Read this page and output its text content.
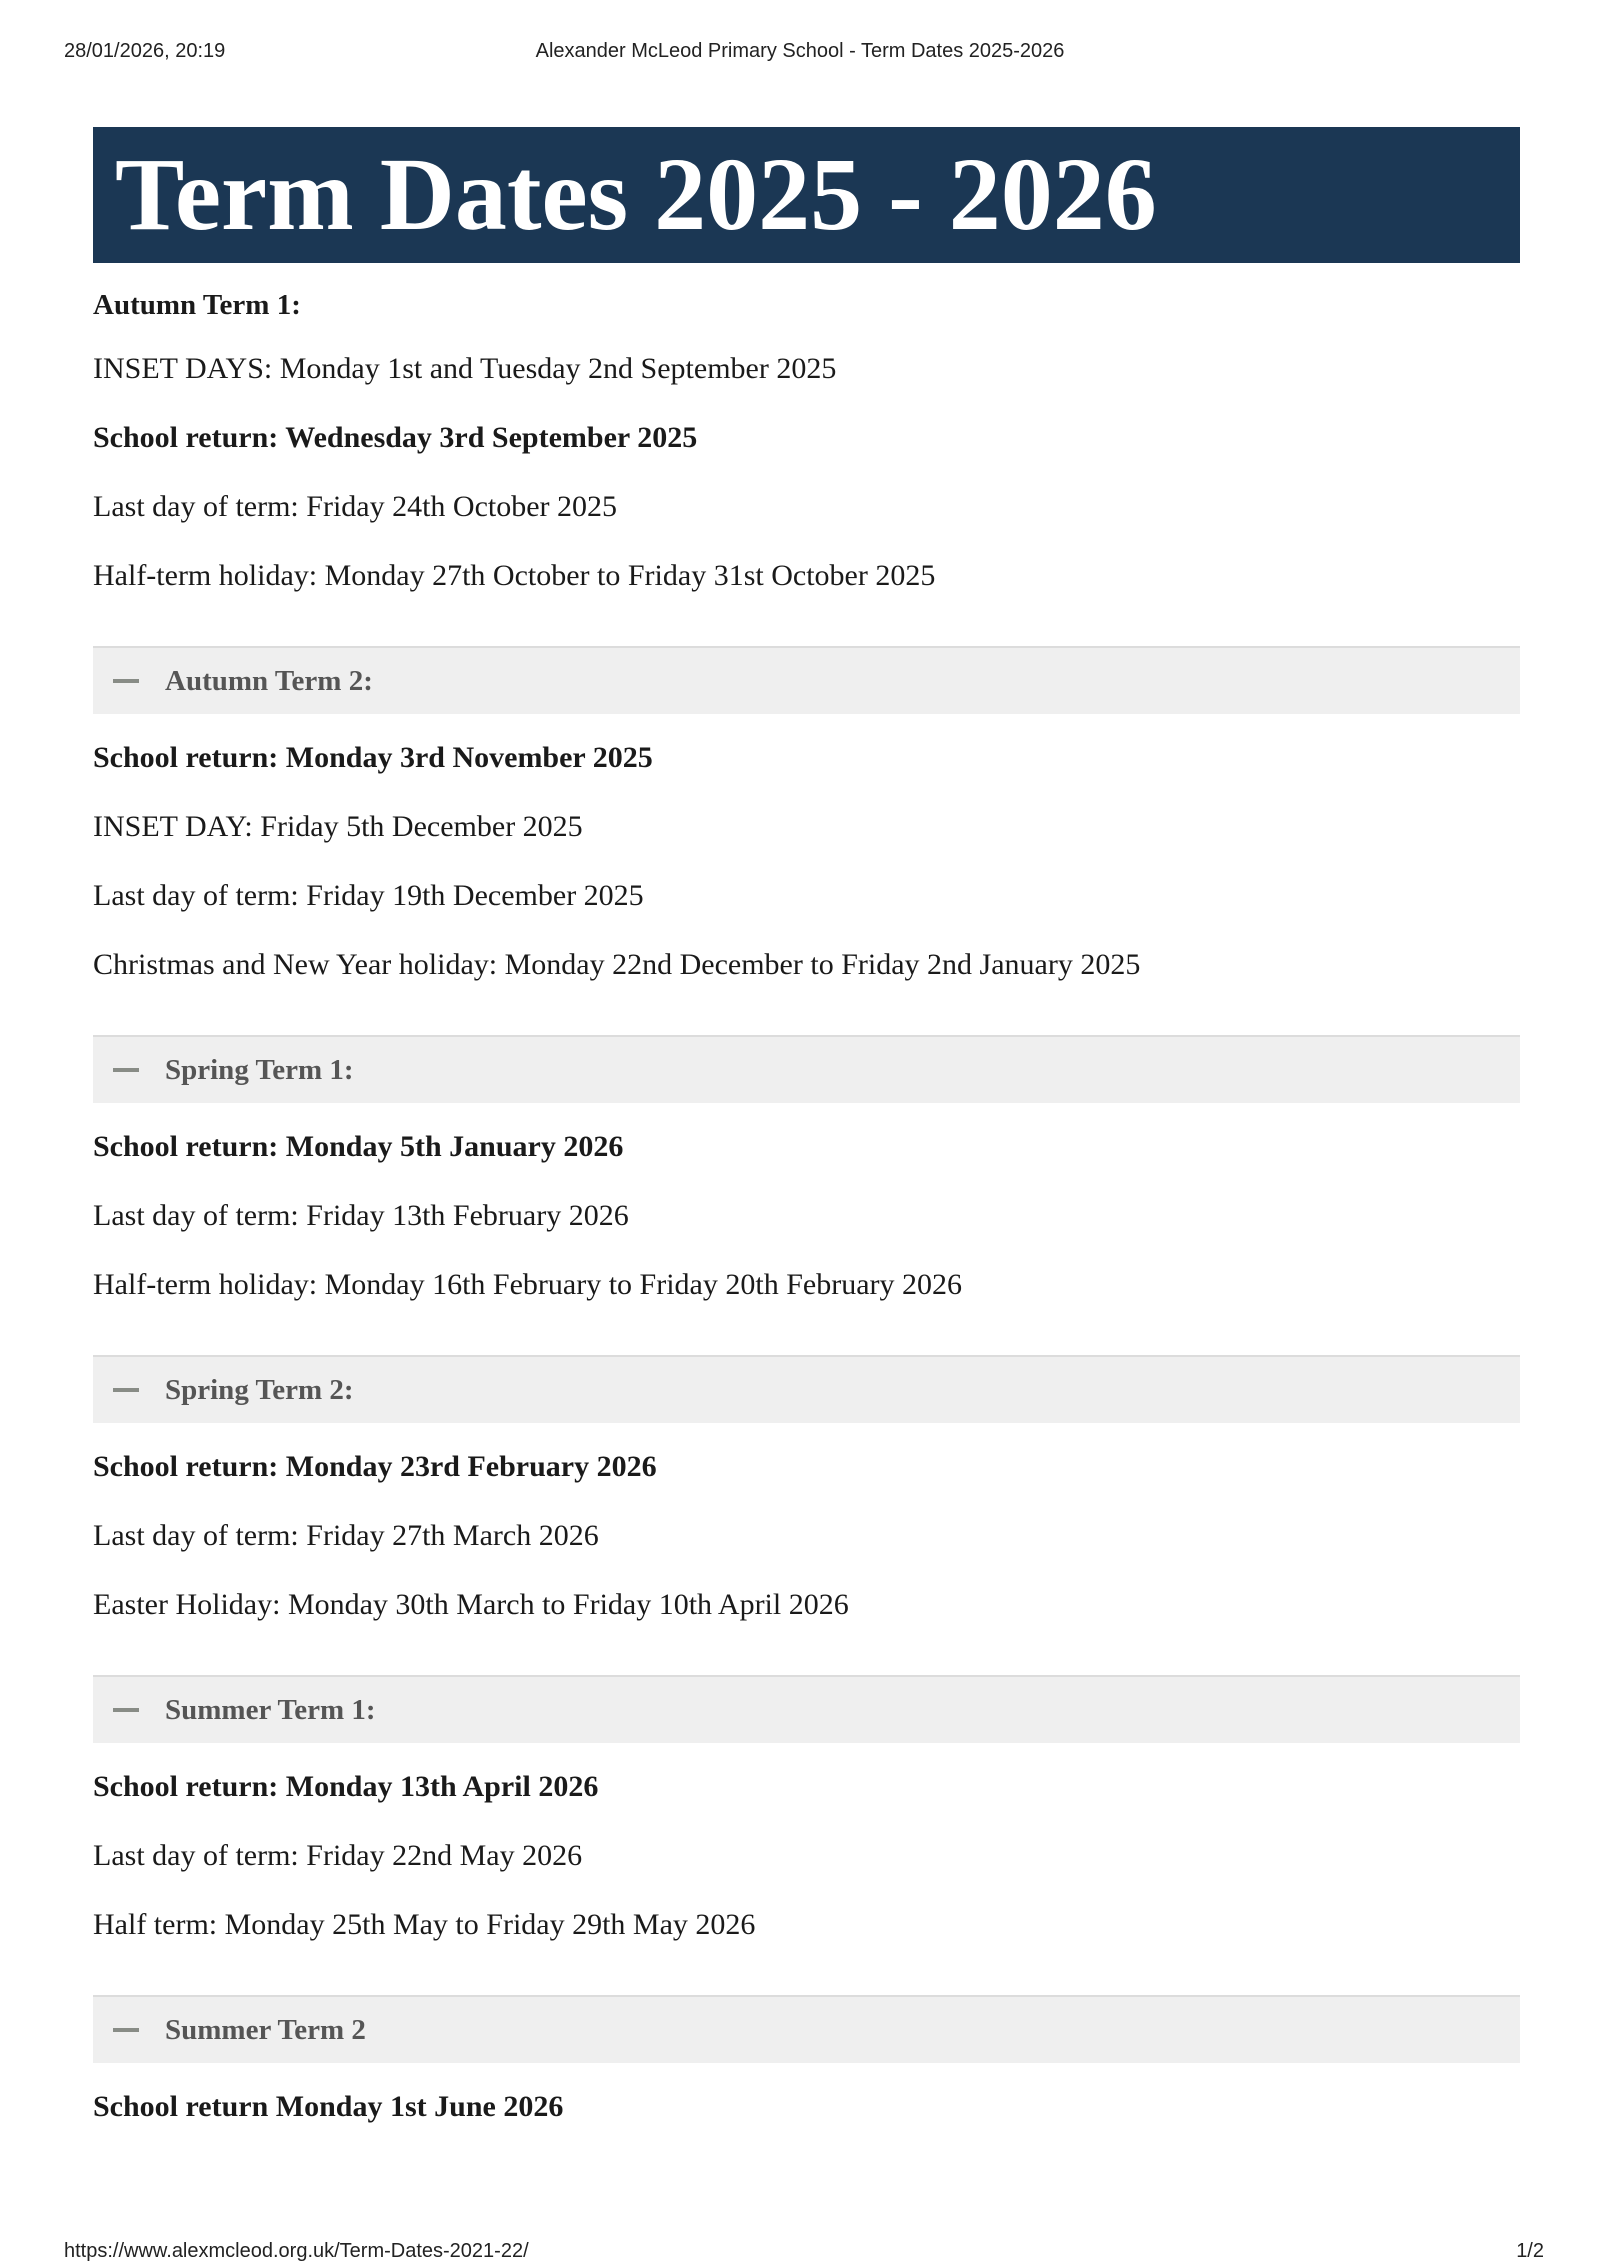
28/01/2026, 20:19	Alexander McLeod Primary School - Term Dates 2025-2026
Term Dates 2025 - 2026

Autumn Term 1:

INSET DAYS: Monday 1st and Tuesday 2nd September 2025

School return: Wednesday 3rd September 2025

Last day of term: Friday 24th October 2025

Half-term holiday: Monday 27th October to Friday 31st October 2025

Autumn Term 2:

School return: Monday 3rd November 2025

INSET DAY: Friday 5th December 2025

Last day of term: Friday 19th December 2025

Christmas and New Year holiday: Monday 22nd December to Friday 2nd January 2025

Spring Term 1:

School return: Monday 5th January 2026

Last day of term: Friday 13th February 2026

Half-term holiday: Monday 16th February to Friday 20th February 2026

Spring Term 2:

School return: Monday 23rd February 2026

Last day of term: Friday 27th March 2026

Easter Holiday: Monday 30th March to Friday 10th April 2026

Summer Term 1:

School return: Monday 13th April 2026

Last day of term: Friday 22nd May 2026

Half term: Monday 25th May to Friday 29th May 2026

Summer Term 2

School return Monday 1st June 2026

https://www.alexmcleod.org.uk/Term-Dates-2021-22/	1/2
